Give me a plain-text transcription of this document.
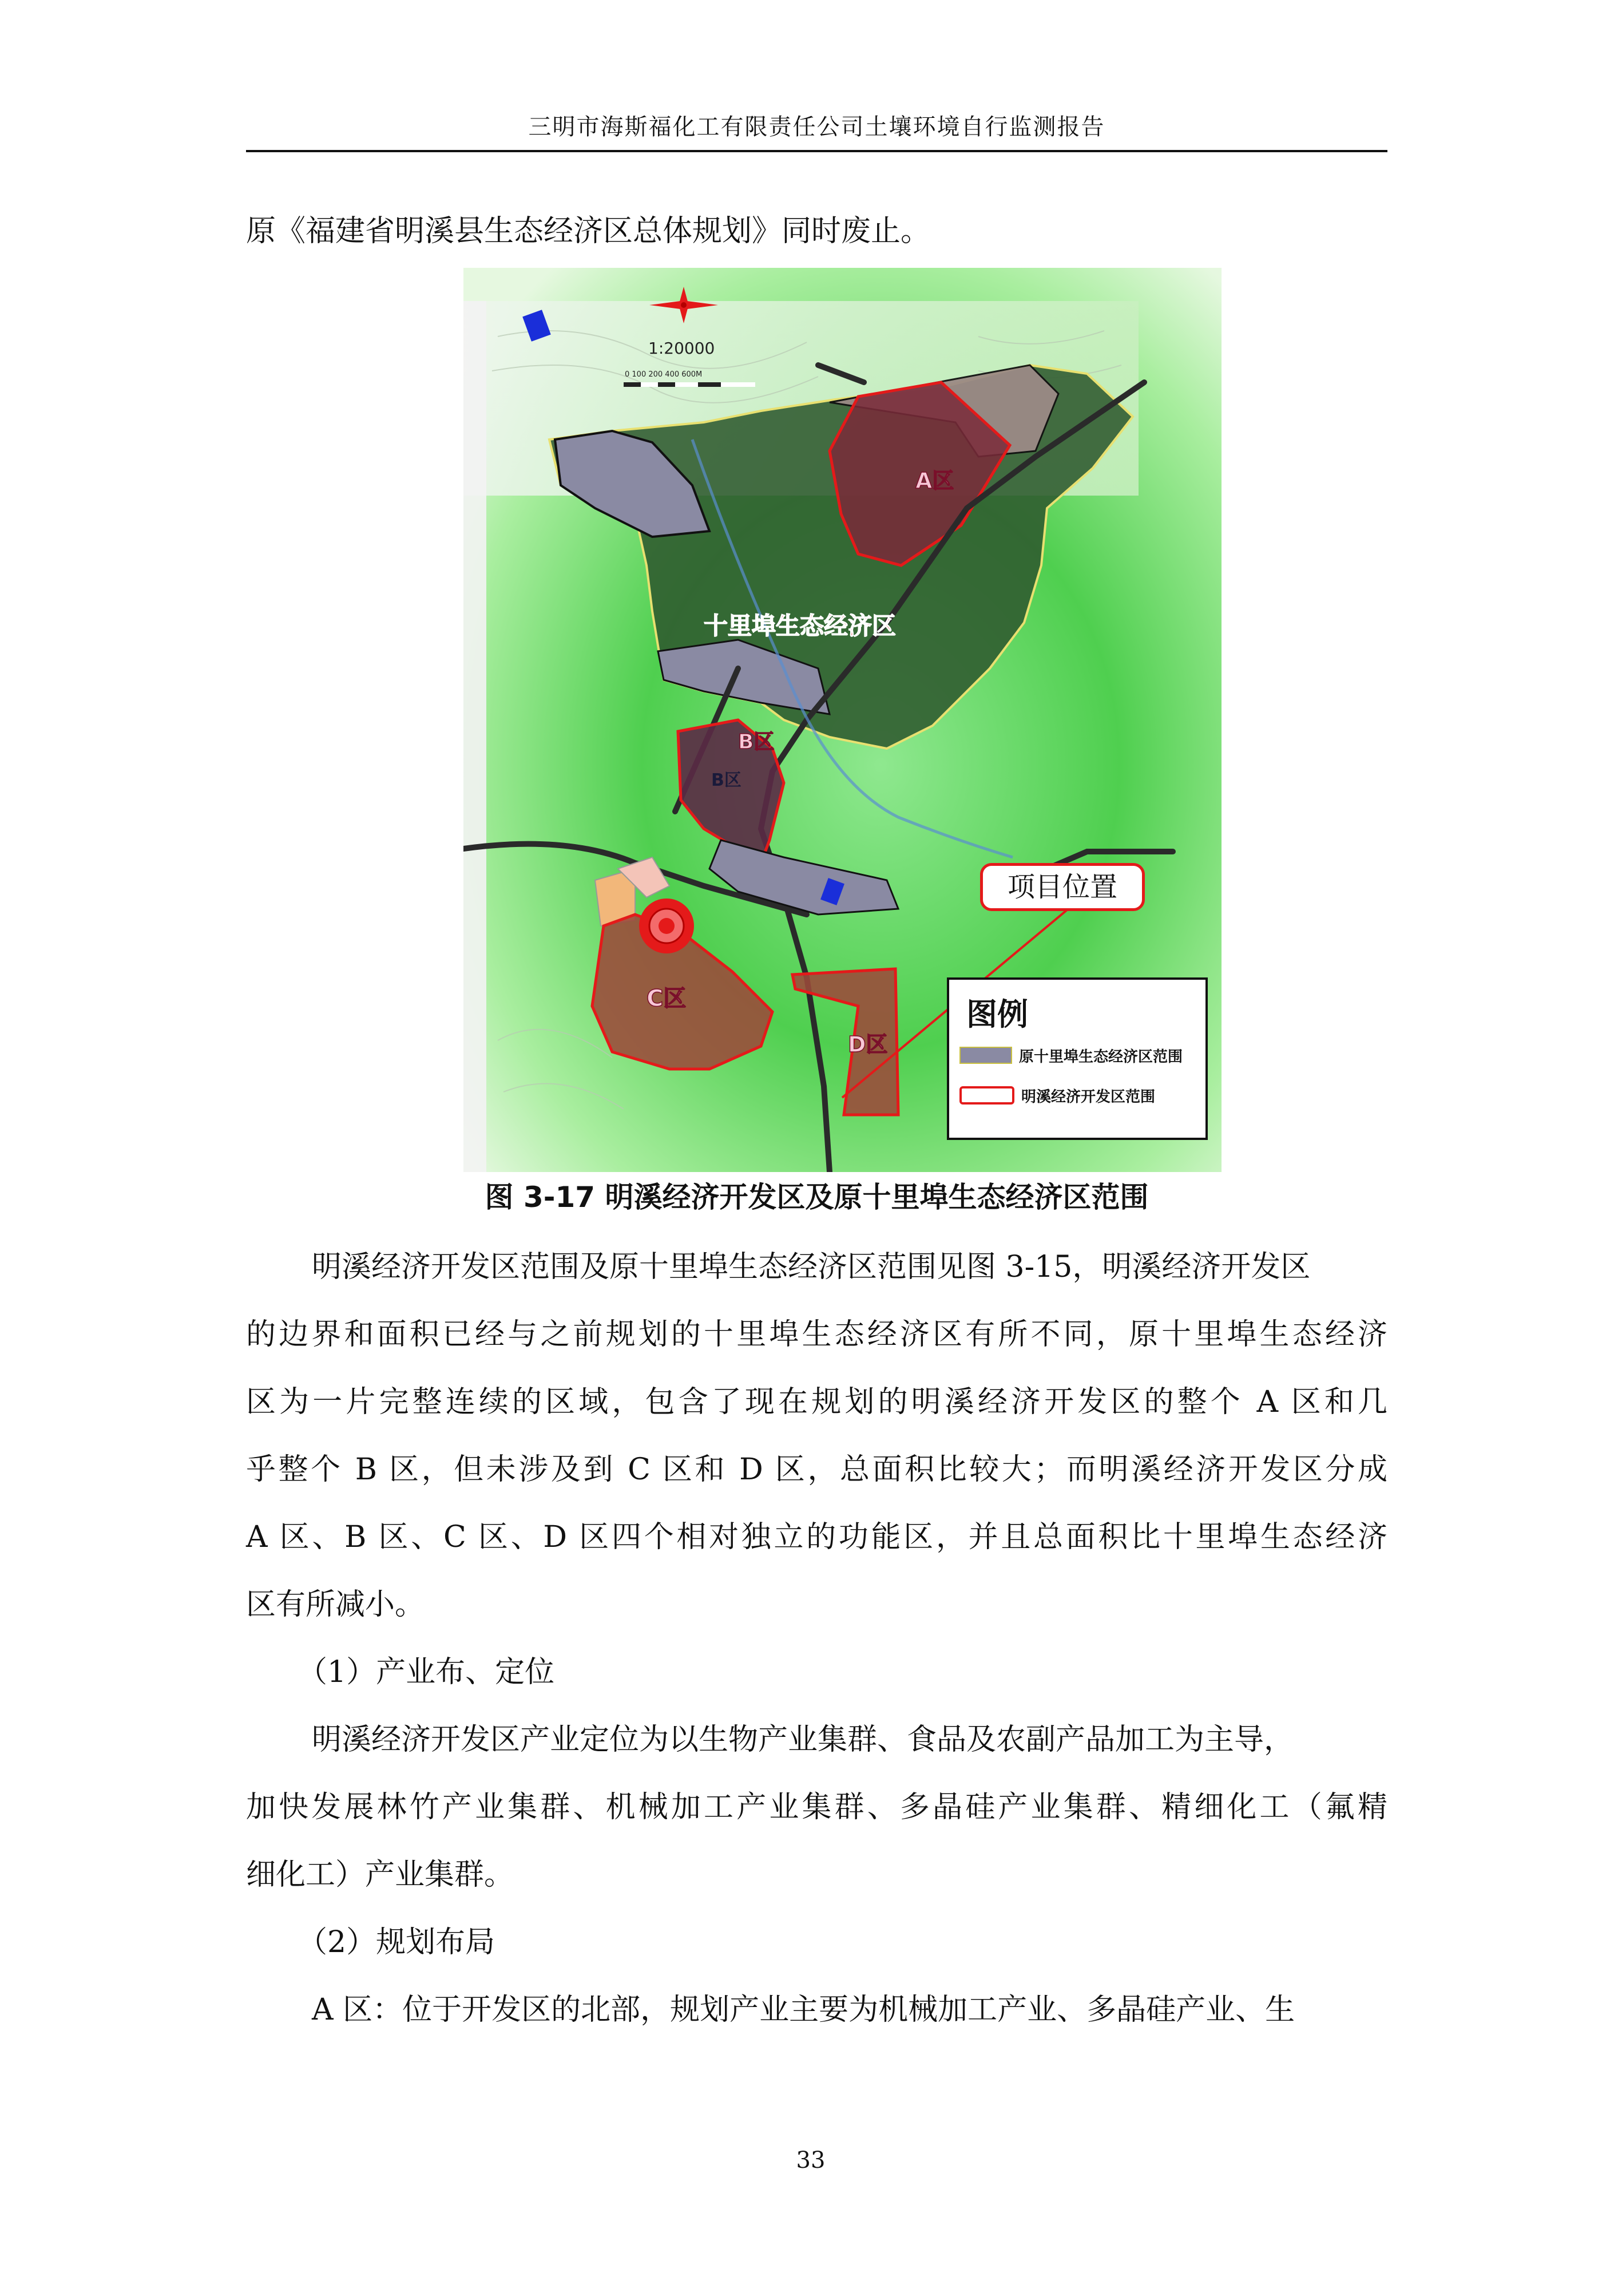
三明市海斯福化工有限责任公司土壤环境自行监测报告
原《福建省明溪县生态经济区总体规划》同时废止。
1:20000
0 100 200 400 600M
A区
十里埠生态经济区
B区
B区
C区
D区
项目位置
图例
原十里埠生态经济区范围
明溪经济开发区范围
图 3-17 明溪经济开发区及原十里埠生态经济区范围
明溪经济开发区范围及原十里埠生态经济区范围见图 3-15，明溪经济开发区
的边界和面积已经与之前规划的十里埠生态经济区有所不同，原十里埠生态经济
区为一片完整连续的区域，包含了现在规划的明溪经济开发区的整个 A 区和几
乎整个 B 区，但未涉及到 C 区和 D 区，总面积比较大；而明溪经济开发区分成
A 区、B 区、C 区、D 区四个相对独立的功能区，并且总面积比十里埠生态经济
区有所减小。
（1）产业布、定位
明溪经济开发区产业定位为以生物产业集群、食品及农副产品加工为主导，
加快发展林竹产业集群、机械加工产业集群、多晶硅产业集群、精细化工（氟精
细化工）产业集群。
（2）规划布局
A 区：位于开发区的北部，规划产业主要为机械加工产业、多晶硅产业、生
33
